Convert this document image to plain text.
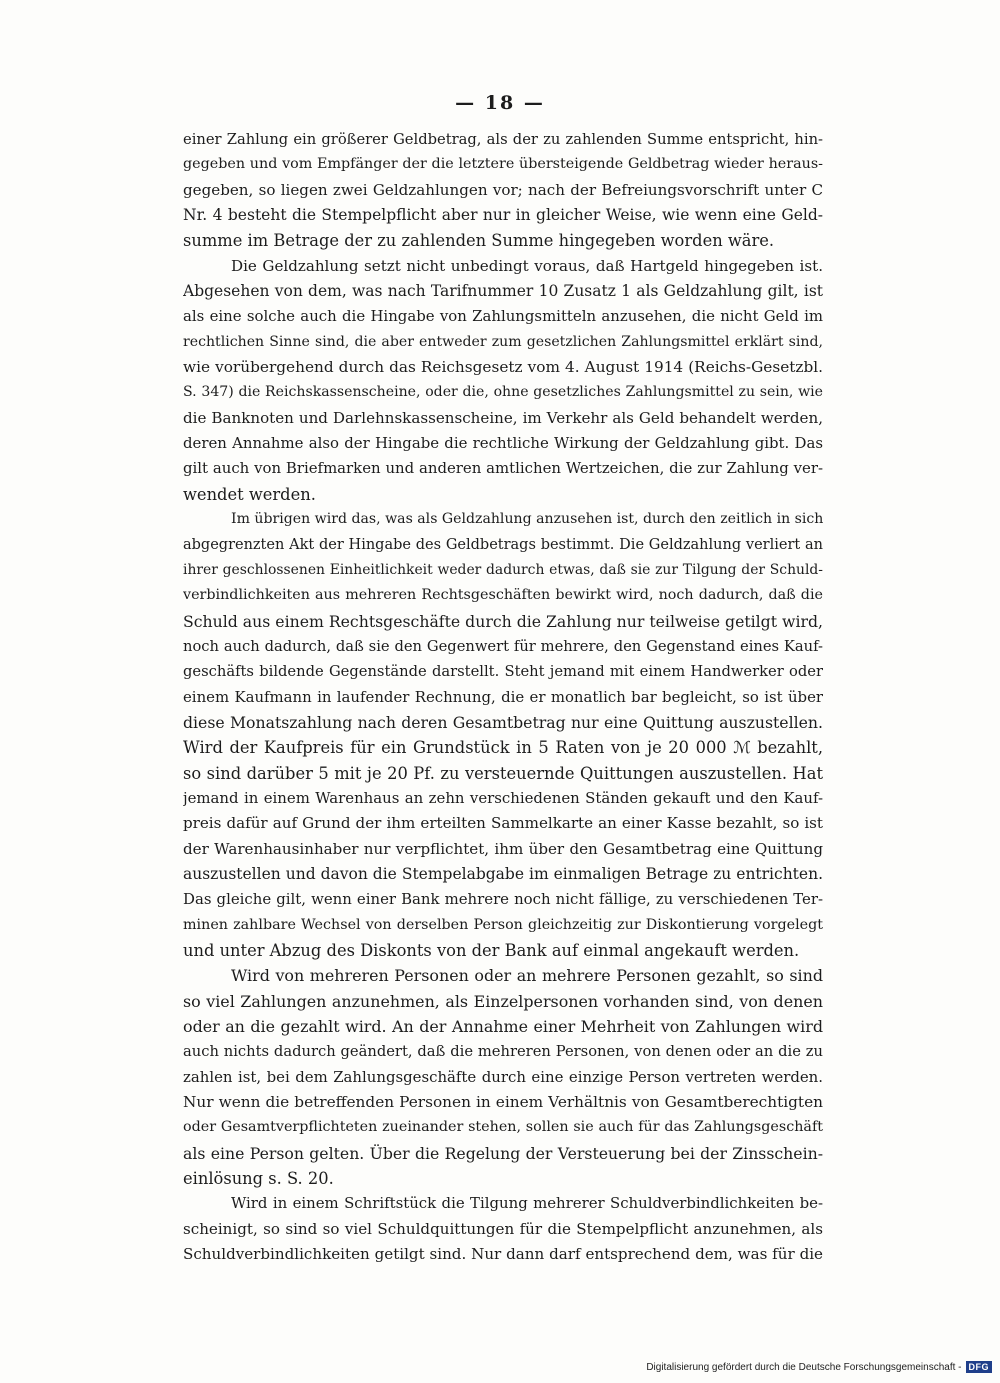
— 18 —

einer Zahlung ein größerer Geldbetrag, als der zu zahlenden Summe entspricht, hin-
gegeben und vom Empfänger der die letztere übersteigende Geldbetrag wieder heraus-
gegeben, so liegen zwei Geldzahlungen vor; nach der Befreiungsvorschrift unter C
Nr. 4 besteht die Stempelpflicht aber nur in gleicher Weise, wie wenn eine Geld-
summe im Betrage der zu zahlenden Summe hingegeben worden wäre.

Die Geldzahlung setzt nicht unbedingt voraus, daß Hartgeld hingegeben ist.
Abgesehen von dem, was nach Tarifnummer 10 Zusatz 1 als Geldzahlung gilt, ist
als eine solche auch die Hingabe von Zahlungsmitteln anzusehen, die nicht Geld im
rechtlichen Sinne sind, die aber entweder zum gesetzlichen Zahlungsmittel erklärt sind,
wie vorübergehend durch das Reichsgesetz vom 4. August 1914 (Reichs-Gesetzbl.
S. 347) die Reichskassenscheine, oder die, ohne gesetzliches Zahlungsmittel zu sein, wie
die Banknoten und Darlehnskassenscheine, im Verkehr als Geld behandelt werden,
deren Annahme also der Hingabe die rechtliche Wirkung der Geldzahlung gibt. Das
gilt auch von Briefmarken und anderen amtlichen Wertzeichen, die zur Zahlung ver-
wendet werden.

Im übrigen wird das, was als Geldzahlung anzusehen ist, durch den zeitlich in sich
abgegrenzten Akt der Hingabe des Geldbetrags bestimmt. Die Geldzahlung verliert an
ihrer geschlossenen Einheitlichkeit weder dadurch etwas, daß sie zur Tilgung der Schuld-
verbindlichkeiten aus mehreren Rechtsgeschäften bewirkt wird, noch dadurch, daß die
Schuld aus einem Rechtsgeschäfte durch die Zahlung nur teilweise getilgt wird,
noch auch dadurch, daß sie den Gegenwert für mehrere, den Gegenstand eines Kauf-
geschäfts bildende Gegenstände darstellt. Steht jemand mit einem Handwerker oder
einem Kaufmann in laufender Rechnung, die er monatlich bar begleicht, so ist über
diese Monatszahlung nach deren Gesamtbetrag nur eine Quittung auszustellen.
Wird der Kaufpreis für ein Grundstück in 5 Raten von je 20 000 ℳ bezahlt,
so sind darüber 5 mit je 20 Pf. zu versteuernde Quittungen auszustellen. Hat
jemand in einem Warenhaus an zehn verschiedenen Ständen gekauft und den Kauf-
preis dafür auf Grund der ihm erteilten Sammelkarte an einer Kasse bezahlt, so ist
der Warenhausinhaber nur verpflichtet, ihm über den Gesamtbetrag eine Quittung
auszustellen und davon die Stempelabgabe im einmaligen Betrage zu entrichten.
Das gleiche gilt, wenn einer Bank mehrere noch nicht fällige, zu verschiedenen Ter-
minen zahlbare Wechsel von derselben Person gleichzeitig zur Diskontierung vorgelegt
und unter Abzug des Diskonts von der Bank auf einmal angekauft werden.

Wird von mehreren Personen oder an mehrere Personen gezahlt, so sind
so viel Zahlungen anzunehmen, als Einzelpersonen vorhanden sind, von denen
oder an die gezahlt wird. An der Annahme einer Mehrheit von Zahlungen wird
auch nichts dadurch geändert, daß die mehreren Personen, von denen oder an die zu
zahlen ist, bei dem Zahlungsgeschäfte durch eine einzige Person vertreten werden.
Nur wenn die betreffenden Personen in einem Verhältnis von Gesamtberechtigten
oder Gesamtverpflichteten zueinander stehen, sollen sie auch für das Zahlungsgeschäft
als eine Person gelten. Über die Regelung der Versteuerung bei der Zinsschein-
einlösung s. S. 20.

Wird in einem Schriftstück die Tilgung mehrerer Schuldverbindlichkeiten be-
scheinigt, so sind so viel Schuldquittungen für die Stempelpflicht anzunehmen, als
Schuldverbindlichkeiten getilgt sind. Nur dann darf entsprechend dem, was für die

Digitalisierung gefördert durch die Deutsche Forschungsgemeinschaft - DFG
